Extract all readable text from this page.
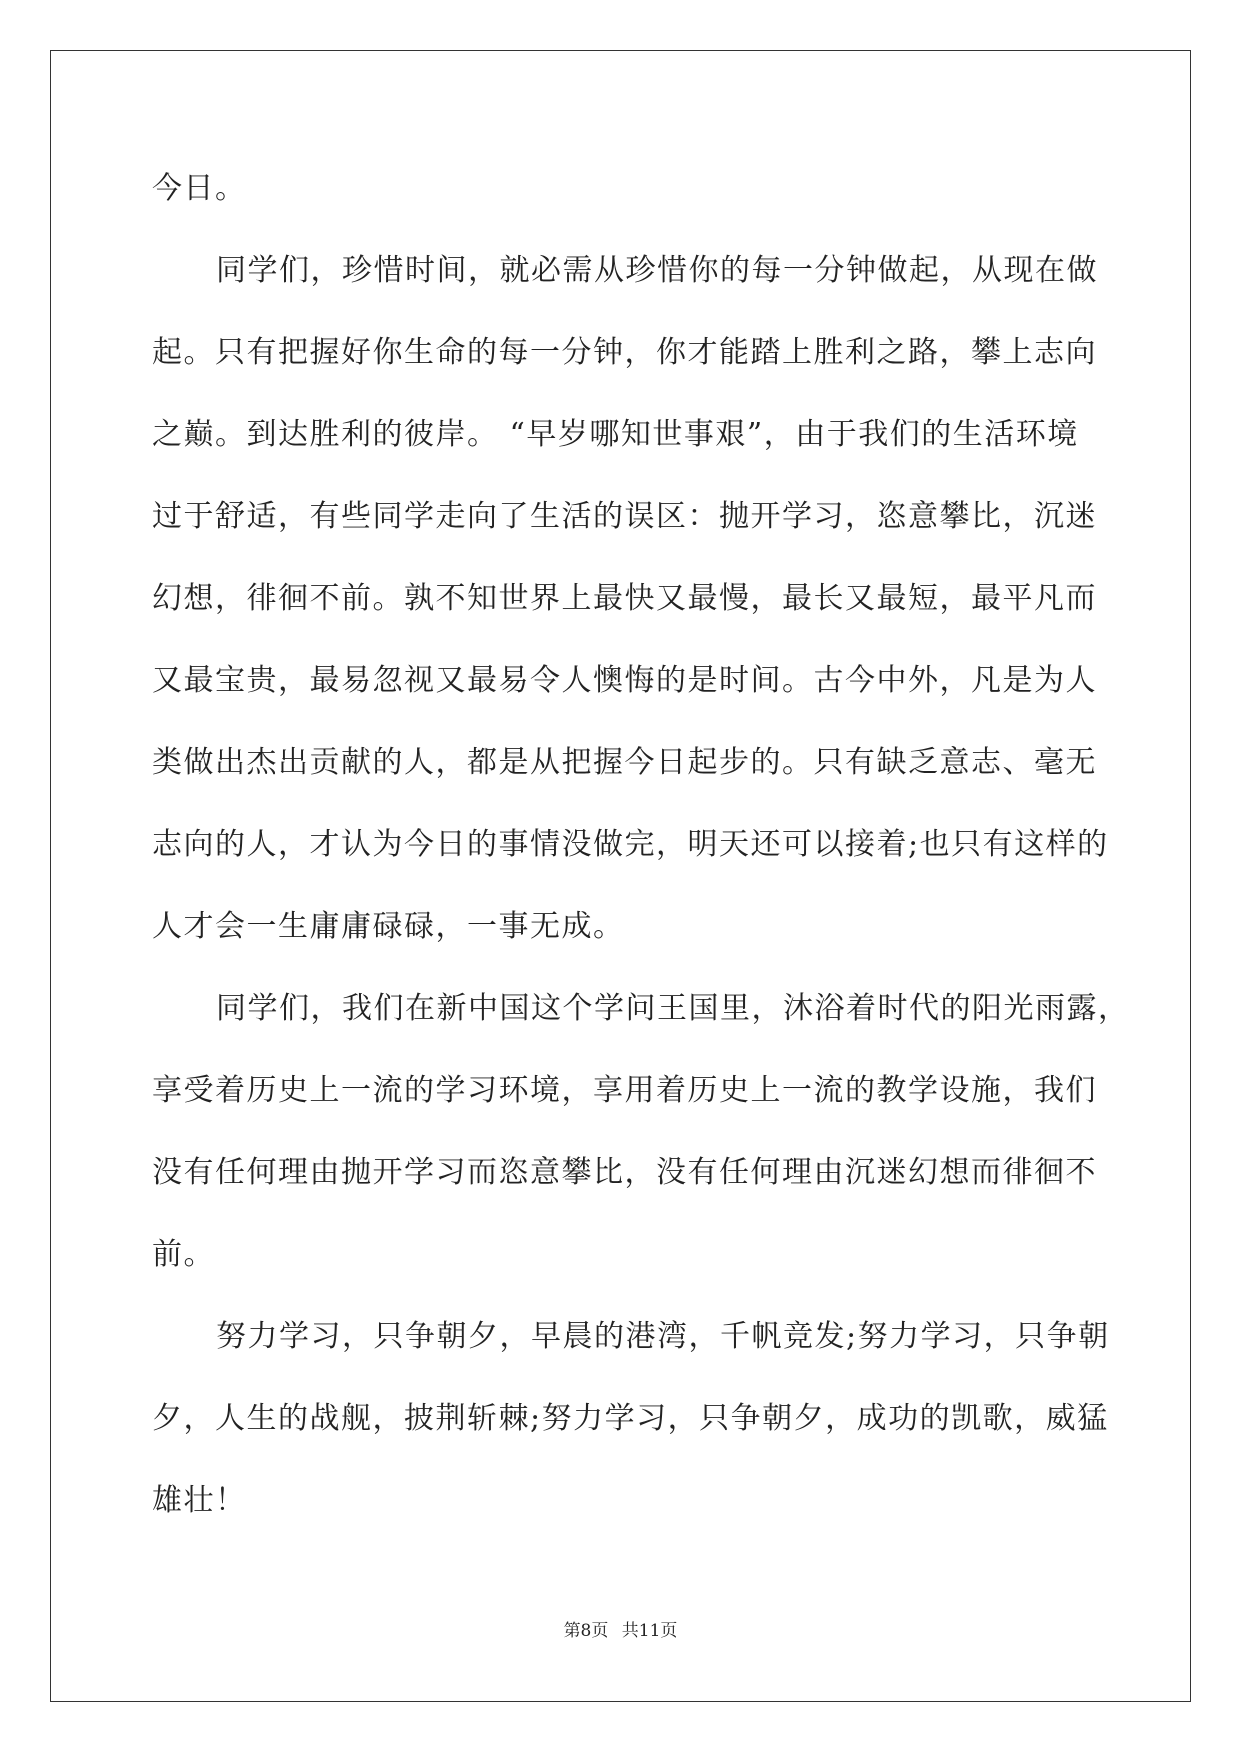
今日。
同学们，珍惜时间，就必需从珍惜你的每一分钟做起，从现在做
起。只有把握好你生命的每一分钟，你才能踏上胜利之路，攀上志向
之巅。到达胜利的彼岸。 “早岁哪知世事艰”，由于我们的生活环境
过于舒适，有些同学走向了生活的误区：抛开学习，恣意攀比，沉迷
幻想，徘徊不前。孰不知世界上最快又最慢，最长又最短，最平凡而
又最宝贵，最易忽视又最易令人懊悔的是时间。古今中外，凡是为人
类做出杰出贡献的人，都是从把握今日起步的。只有缺乏意志、毫无
志向的人，才认为今日的事情没做完，明天还可以接着;也只有这样的
人才会一生庸庸碌碌，一事无成。
同学们，我们在新中国这个学问王国里，沐浴着时代的阳光雨露，
享受着历史上一流的学习环境，享用着历史上一流的教学设施，我们
没有任何理由抛开学习而恣意攀比，没有任何理由沉迷幻想而徘徊不
前。
努力学习，只争朝夕，早晨的港湾，千帆竞发;努力学习，只争朝
夕，人生的战舰，披荆斩棘;努力学习，只争朝夕，成功的凯歌，威猛
雄壮！
第8页 共11页
